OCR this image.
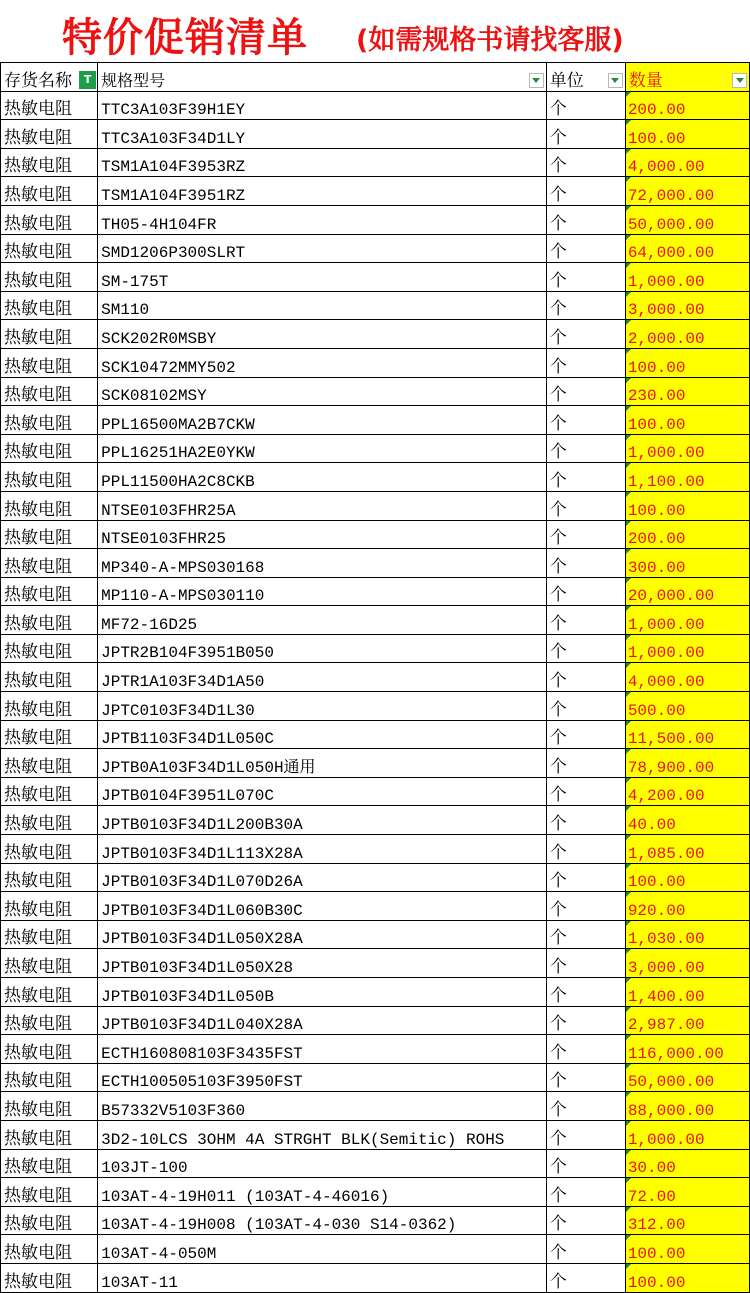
特价促销清单 (如需规格书请找客服)
存货名称 T	规格型号	单位	数量

热敏电阻	TTC3A103F39H1EY	个	200.00

热敏电阻	TTC3A103F34D1LY	个	100.00

热敏电阻	TSM1A104F3953RZ	个	4,000.00

热敏电阻	TSM1A104F3951RZ	个	72,000.00

热敏电阻	TH05-4H104FR	个	50,000.00

热敏电阻	SMD1206P300SLRT	个	64,000.00

热敏电阻	SM-175T	个	1,000.00

热敏电阻	SM110	个	3,000.00

热敏电阻	SCK202R0MSBY	个	2,000.00

热敏电阻	SCK10472MMY502	个	100.00

热敏电阻	SCK08102MSY	个	230.00

热敏电阻	PPL16500MA2B7CKW	个	100.00

热敏电阻	PPL16251HA2E0YKW	个	1,000.00

热敏电阻	PPL11500HA2C8CKB	个	1,100.00

热敏电阻	NTSE0103FHR25A	个	100.00

热敏电阻	NTSE0103FHR25	个	200.00

热敏电阻	MP340-A-MPS030168	个	300.00

热敏电阻	MP110-A-MPS030110	个	20,000.00

热敏电阻	MF72-16D25	个	1,000.00

热敏电阻	JPTR2B104F3951B050	个	1,000.00

热敏电阻	JPTR1A103F34D1A50	个	4,000.00

热敏电阻	JPTC0103F34D1L30	个	500.00

热敏电阻	JPTB1103F34D1L050C	个	11,500.00

热敏电阻	JPTB0A103F34D1L050H通用	个	78,900.00

热敏电阻	JPTB0104F3951L070C	个	4,200.00

热敏电阻	JPTB0103F34D1L200B30A	个	40.00

热敏电阻	JPTB0103F34D1L113X28A	个	1,085.00

热敏电阻	JPTB0103F34D1L070D26A	个	100.00

热敏电阻	JPTB0103F34D1L060B30C	个	920.00

热敏电阻	JPTB0103F34D1L050X28A	个	1,030.00

热敏电阻	JPTB0103F34D1L050X28	个	3,000.00

热敏电阻	JPTB0103F34D1L050B	个	1,400.00

热敏电阻	JPTB0103F34D1L040X28A	个	2,987.00

热敏电阻	ECTH160808103F3435FST	个	116,000.00

热敏电阻	ECTH100505103F3950FST	个	50,000.00

热敏电阻	B57332V5103F360	个	88,000.00

热敏电阻	3D2-10LCS 3OHM 4A STRGHT BLK(Semitic) ROHS	个	1,000.00

热敏电阻	103JT-100	个	30.00

热敏电阻	103AT-4-19H011 (103AT-4-46016)	个	72.00

热敏电阻	103AT-4-19H008 (103AT-4-030 S14-0362)	个	312.00

热敏电阻	103AT-4-050M	个	100.00

热敏电阻	103AT-11	个	100.00
